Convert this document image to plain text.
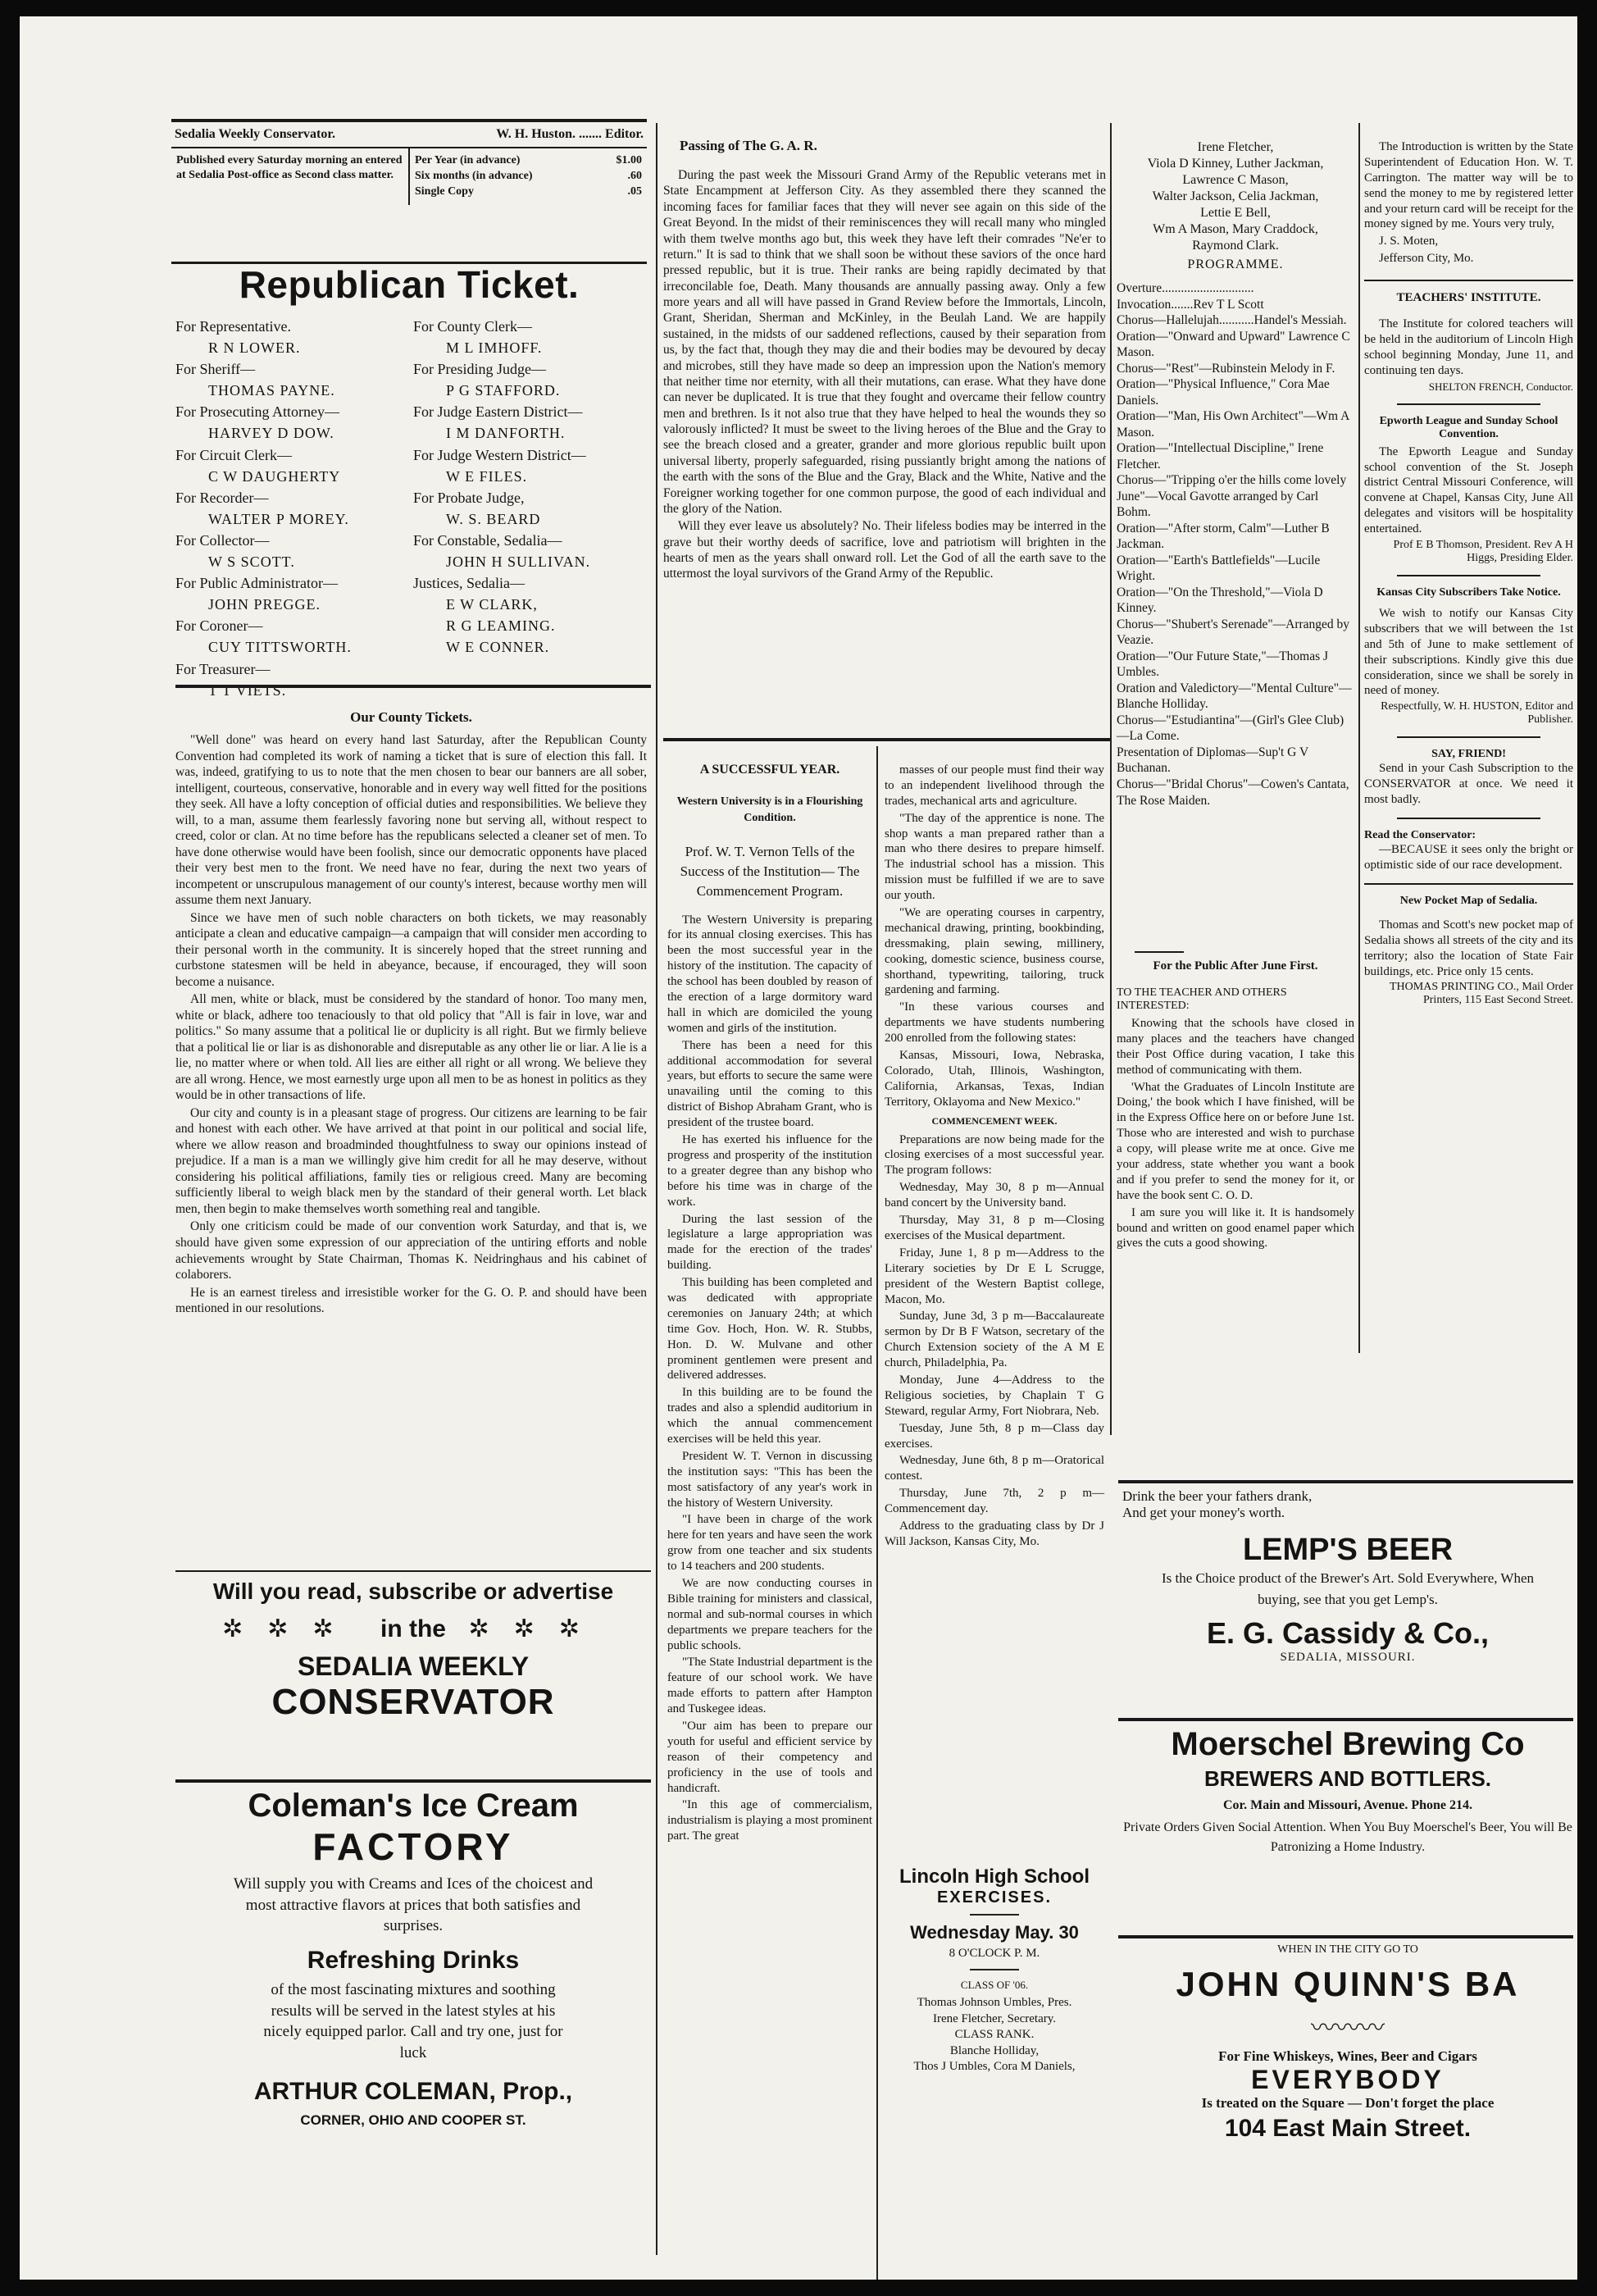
Sedalia Weekly Conservator.	W. H. Huston. ....... Editor.
Published every Saturday morning an entered at Sedalia Post-office as Second class matter.
Per Year (in advance)	$1.00
Six months (in advance)	.60
Single Copy	.05
Republican Ticket.
For Representative.
R N LOWER.
For Sheriff—
THOMAS PAYNE.
For Prosecuting Attorney—
HARVEY D DOW.
For Circuit Clerk—
C W DAUGHERTY
For Recorder—
WALTER P MOREY.
For Collector—
W S SCOTT.
For Public Administrator—
JOHN PREGGE.
For Coroner—
CUY TITTSWORTH.
For Treasurer—
T T VIETS.
For County Clerk—
M L IMHOFF.
For Presiding Judge—
P G STAFFORD.
For Judge Eastern District—
I M DANFORTH.
For Judge Western District—
W E FILES.
For Probate Judge,
W. S. BEARD
For Constable, Sedalia—
JOHN H SULLIVAN.
Justices, Sedalia—
E W CLARK,
R G LEAMING.
W E CONNER.
Our County Tickets.

"Well done" was heard on every hand last Saturday, after the Republican County Convention had completed its work of naming a ticket that is sure of election this fall. It was, indeed, gratifying to us to note that the men chosen to bear our banners are all sober, intelligent, courteous, conservative, honorable and in every way well fitted for the positions they seek. All have a lofty conception of official duties and responsibilities. We believe they will, to a man, assume them fearlessly favoring none but serving all, without respect to creed, color or clan. At no time before has the republicans selected a cleaner set of men. To have done otherwise would have been foolish, since our democratic opponents have placed their very best men to the front. We need have no fear, during the next two years of incompetent or unscrupulous management of our county's interest, because worthy men will assume them next January.

Since we have men of such noble characters on both tickets, we may reasonably anticipate a clean and educative campaign—a campaign that will consider men according to their personal worth in the community. It is sincerely hoped that the street running and curbstone statesmen will be held in abeyance, because, if encouraged, they will soon become a nuisance.

All men, white or black, must be considered by the standard of honor. Too many men, white or black, adhere too tenaciously to that old policy that "All is fair in love, war and politics." So many assume that a political lie or duplicity is all right. But we firmly believe that a political lie or liar is as dishonorable and disreputable as any other lie or liar. A lie is a lie, no matter where or when told. All lies are either all right or all wrong. We believe they are all wrong. Hence, we most earnestly urge upon all men to be as honest in politics as they would be in other transactions of life.

Our city and county is in a pleasant stage of progress. Our citizens are learning to be fair and honest with each other. We have arrived at that point in our political and social life, where we allow reason and broadminded thoughtfulness to sway our opinions instead of prejudice. If a man is a man we willingly give him credit for all he may deserve, without considering his political affiliations, family ties or religious creed. Many are becoming sufficiently liberal to weigh black men by the standard of their general worth. Let black men, then begin to make themselves worth something real and tangible.

Only one criticism could be made of our convention work Saturday, and that is, we should have given some expression of our appreciation of the untiring efforts and noble achievements wrought by State Chairman, Thomas K. Neidringhaus and his cabinet of colaborers.

He is an earnest tireless and irresistible worker for the G. O. P. and should have been mentioned in our resolutions.

Will you read, subscribe or advertise
✲✲✲ in the ✲✲✲
SEDALIA WEEKLY
CONSERVATOR
Coleman's Ice Cream
FACTORY
Will supply you with Creams and Ices of the choicest and most attractive flavors at prices that both satisfies and surprises.
Refreshing Drinks
of the most fascinating mixtures and soothing results will be served in the latest styles at his nicely equipped parlor. Call and try one, just for luck
ARTHUR COLEMAN, Prop.,
CORNER, OHIO AND COOPER ST.
Passing of The G. A. R.

During the past week the Missouri Grand Army of the Republic veterans met in State Encampment at Jefferson City. As they assembled there they scanned the incoming faces for familiar faces that they will never see again on this side of the Great Beyond. In the midst of their reminiscences they will recall many who mingled with them twelve months ago but, this week they have left their comrades "Ne'er to return." It is sad to think that we shall soon be without these saviors of the once hard pressed republic, but it is true. Their ranks are being rapidly decimated by that irreconcilable foe, Death. Many thousands are annually passing away. Only a few more years and all will have passed in Grand Review before the Immortals, Lincoln, Grant, Sheridan, Sherman and McKinley, in the Beulah Land. We are happily sustained, in the midsts of our saddened reflections, caused by their separation from us, by the fact that, though they may die and their bodies may be devoured by decay and microbes, still they have made so deep an impression upon the Nation's memory that neither time nor eternity, with all their mutations, can erase. What they have done can never be duplicated. It is true that they fought and overcame their fellow country men and brethren. Is it not also true that they have helped to heal the wounds they so valorously inflicted? It must be sweet to the living heroes of the Blue and the Gray to see the breach closed and a greater, grander and more glorious republic built upon universal liberty, properly safeguarded, rising pussiantly bright among the nations of the earth with the sons of the Blue and the Gray, Black and the White, Native and the Foreigner working together for one common purpose, the good of each individual and the glory of the Nation.

Will they ever leave us absolutely? No. Their lifeless bodies may be interred in the grave but their worthy deeds of sacrifice, love and patriotism will brighten in the hearts of men as the years shall onward roll. Let the God of all the earth save to the uttermost the loyal survivors of the Grand Army of the Republic.

A SUCCESSFUL YEAR.
Western University is in a Flourishing Condition.
Prof. W. T. Vernon Tells of the Success of the Institution— The Commencement Program.

The Western University is preparing for its annual closing exercises. This has been the most successful year in the history of the institution. The capacity of the school has been doubled by reason of the erection of a large dormitory ward hall in which are domiciled the young women and girls of the institution.

There has been a need for this additional accommodation for several years, but efforts to secure the same were unavailing until the coming to this district of Bishop Abraham Grant, who is president of the trustee board.

He has exerted his influence for the progress and prosperity of the institution to a greater degree than any bishop who before his time was in charge of the work.

During the last session of the legislature a large appropriation was made for the erection of the trades' building.

This building has been completed and was dedicated with appropriate ceremonies on January 24th; at which time Gov. Hoch, Hon. W. R. Stubbs, Hon. D. W. Mulvane and other prominent gentlemen were present and delivered addresses.

In this building are to be found the trades and also a splendid auditorium in which the annual commencement exercises will be held this year.

President W. T. Vernon in discussing the institution says: "This has been the most satisfactory of any year's work in the history of Western University.

"I have been in charge of the work here for ten years and have seen the work grow from one teacher and six students to 14 teachers and 200 students.

We are now conducting courses in Bible training for ministers and classical, normal and sub-normal courses in which departments we prepare teachers for the public schools.

"The State Industrial department is the feature of our school work. We have made efforts to pattern after Hampton and Tuskegee ideas.

"Our aim has been to prepare our youth for useful and efficient service by reason of their competency and proficiency in the use of tools and handicraft.

"In this age of commercialism, industrialism is playing a most prominent part. The great

masses of our people must find their way to an independent livelihood through the trades, mechanical arts and agriculture.

"The day of the apprentice is none. The shop wants a man prepared rather than a man who there desires to prepare himself. The industrial school has a mission. This mission must be fulfilled if we are to save our youth.

"We are operating courses in carpentry, mechanical drawing, printing, bookbinding, dressmaking, plain sewing, millinery, cooking, domestic science, business course, shorthand, typewriting, tailoring, truck gardening and farming.

"In these various courses and departments we have students numbering 200 enrolled from the following states:

Kansas, Missouri, Iowa, Nebraska, Colorado, Utah, Illinois, Washington, California, Arkansas, Texas, Indian Territory, Oklayoma and New Mexico."

COMMENCEMENT WEEK.

Preparations are now being made for the closing exercises of a most successful year. The program follows:

Wednesday, May 30, 8 p m—Annual band concert by the University band.

Thursday, May 31, 8 p m—Closing exercises of the Musical department.

Friday, June 1, 8 p m—Address to the Literary societies by Dr E L Scrugge, president of the Western Baptist college, Macon, Mo.

Sunday, June 3d, 3 p m—Baccalaureate sermon by Dr B F Watson, secretary of the Church Extension society of the A M E church, Philadelphia, Pa.

Monday, June 4—Address to the Religious societies, by Chaplain T G Steward, regular Army, Fort Niobrara, Neb.

Tuesday, June 5th, 8 p m—Class day exercises.

Wednesday, June 6th, 8 p m—Oratorical contest.

Thursday, June 7th, 2 p m—Commencement day.

Address to the graduating class by Dr J Will Jackson, Kansas City, Mo.

Lincoln High School
EXERCISES.
Wednesday May. 30
8 O'CLOCK P. M.
CLASS OF '06.
Thomas Johnson Umbles, Pres.
Irene Fletcher, Secretary.
CLASS RANK.
Blanche Holliday,
Thos J Umbles, Cora M Daniels,
Irene Fletcher,
Viola D Kinney, Luther Jackman,
Lawrence C Mason,
Walter Jackson, Celia Jackman,
Lettie E Bell,
Wm A Mason, Mary Craddock,
Raymond Clark.
PROGRAMME.
Overture.............................
Invocation.......Rev T L Scott
Chorus—Hallelujah...........Handel's Messiah.
Oration—"Onward and Upward" Lawrence C Mason.
Chorus—"Rest"—Rubinstein Melody in F.
Oration—"Physical Influence," Cora Mae Daniels.
Oration—"Man, His Own Architect"—Wm A Mason.
Oration—"Intellectual Discipline," Irene Fletcher.
Chorus—"Tripping o'er the hills come lovely June"—Vocal Gavotte arranged by Carl Bohm.
Oration—"After storm, Calm"—Luther B Jackman.
Oration—"Earth's Battlefields"—Lucile Wright.
Oration—"On the Threshold,"—Viola D Kinney.
Chorus—"Shubert's Serenade"—Arranged by Veazie.
Oration—"Our Future State,"—Thomas J Umbles.
Oration and Valedictory—"Mental Culture"—Blanche Holliday.
Chorus—"Estudiantina"—(Girl's Glee Club)—La Come.
Presentation of Diplomas—Sup't G V Buchanan.
Chorus—"Bridal Chorus"—Cowen's Cantata, The Rose Maiden.
For the Public After June First.
TO THE TEACHER AND OTHERS INTERESTED:

Knowing that the schools have closed in many places and the teachers have changed their Post Office during vacation, I take this method of communicating with them.

'What the Graduates of Lincoln Institute are Doing,' the book which I have finished, will be in the Express Office here on or before June 1st. Those who are interested and wish to purchase a copy, will please write me at once. Give me your address, state whether you want a book and if you prefer to send the money for it, or have the book sent C. O. D.

I am sure you will like it. It is handsomely bound and written on good enamel paper which gives the cuts a good showing.

The Introduction is written by the State Superintendent of Education Hon. W. T. Carrington. The matter way will be to send the money to me by registered letter and your return card will be receipt for the money signed by me. Yours very truly,

J. S. Moten,

Jefferson City, Mo.

TEACHERS' INSTITUTE.

The Institute for colored teachers will be held in the auditorium of Lincoln High school beginning Monday, June 11, and continuing ten days.

SHELTON FRENCH, Conductor.
Epworth League and Sunday School Convention.

The Epworth League and Sunday school convention of the St. Joseph district Central Missouri Conference, will convene at Chapel, Kansas City, June All delegates and visitors will be hospitality entertained.

Prof E B Thomson, President. Rev A H Higgs, Presiding Elder.
Kansas City Subscribers Take Notice.

We wish to notify our Kansas City subscribers that we will between the 1st and 5th of June to make settlement of their subscriptions. Kindly give this due consideration, since we shall be sorely in need of money.

Respectfully, W. H. HUSTON, Editor and Publisher.
SAY, FRIEND!

Send in your Cash Subscription to the CONSERVATOR at once. We need it most badly.

Read the Conservator:

—BECAUSE it sees only the bright or optimistic side of our race development.

New Pocket Map of Sedalia.

Thomas and Scott's new pocket map of Sedalia shows all streets of the city and its territory; also the location of State Fair buildings, etc. Price only 15 cents.

THOMAS PRINTING CO., Mail Order Printers, 115 East Second Street.
Drink the beer your fathers drank,
And get your money's worth.
LEMP'S BEER
Is the Choice product of the Brewer's Art. Sold Everywhere, When buying, see that you get Lemp's.
E. G. Cassidy & Co.,
SEDALIA, MISSOURI.
Moerschel Brewing Co
BREWERS AND BOTTLERS.
Cor. Main and Missouri, Avenue. Phone 214.
Private Orders Given Social Attention. When You Buy Moerschel's Beer, You will Be Patronizing a Home Industry.
WHEN IN THE CITY GO TO
JOHN QUINN'S BA
〰〰〰
For Fine Whiskeys, Wines, Beer and Cigars
EVERYBODY
Is treated on the Square — Don't forget the place
104 East Main Street.
